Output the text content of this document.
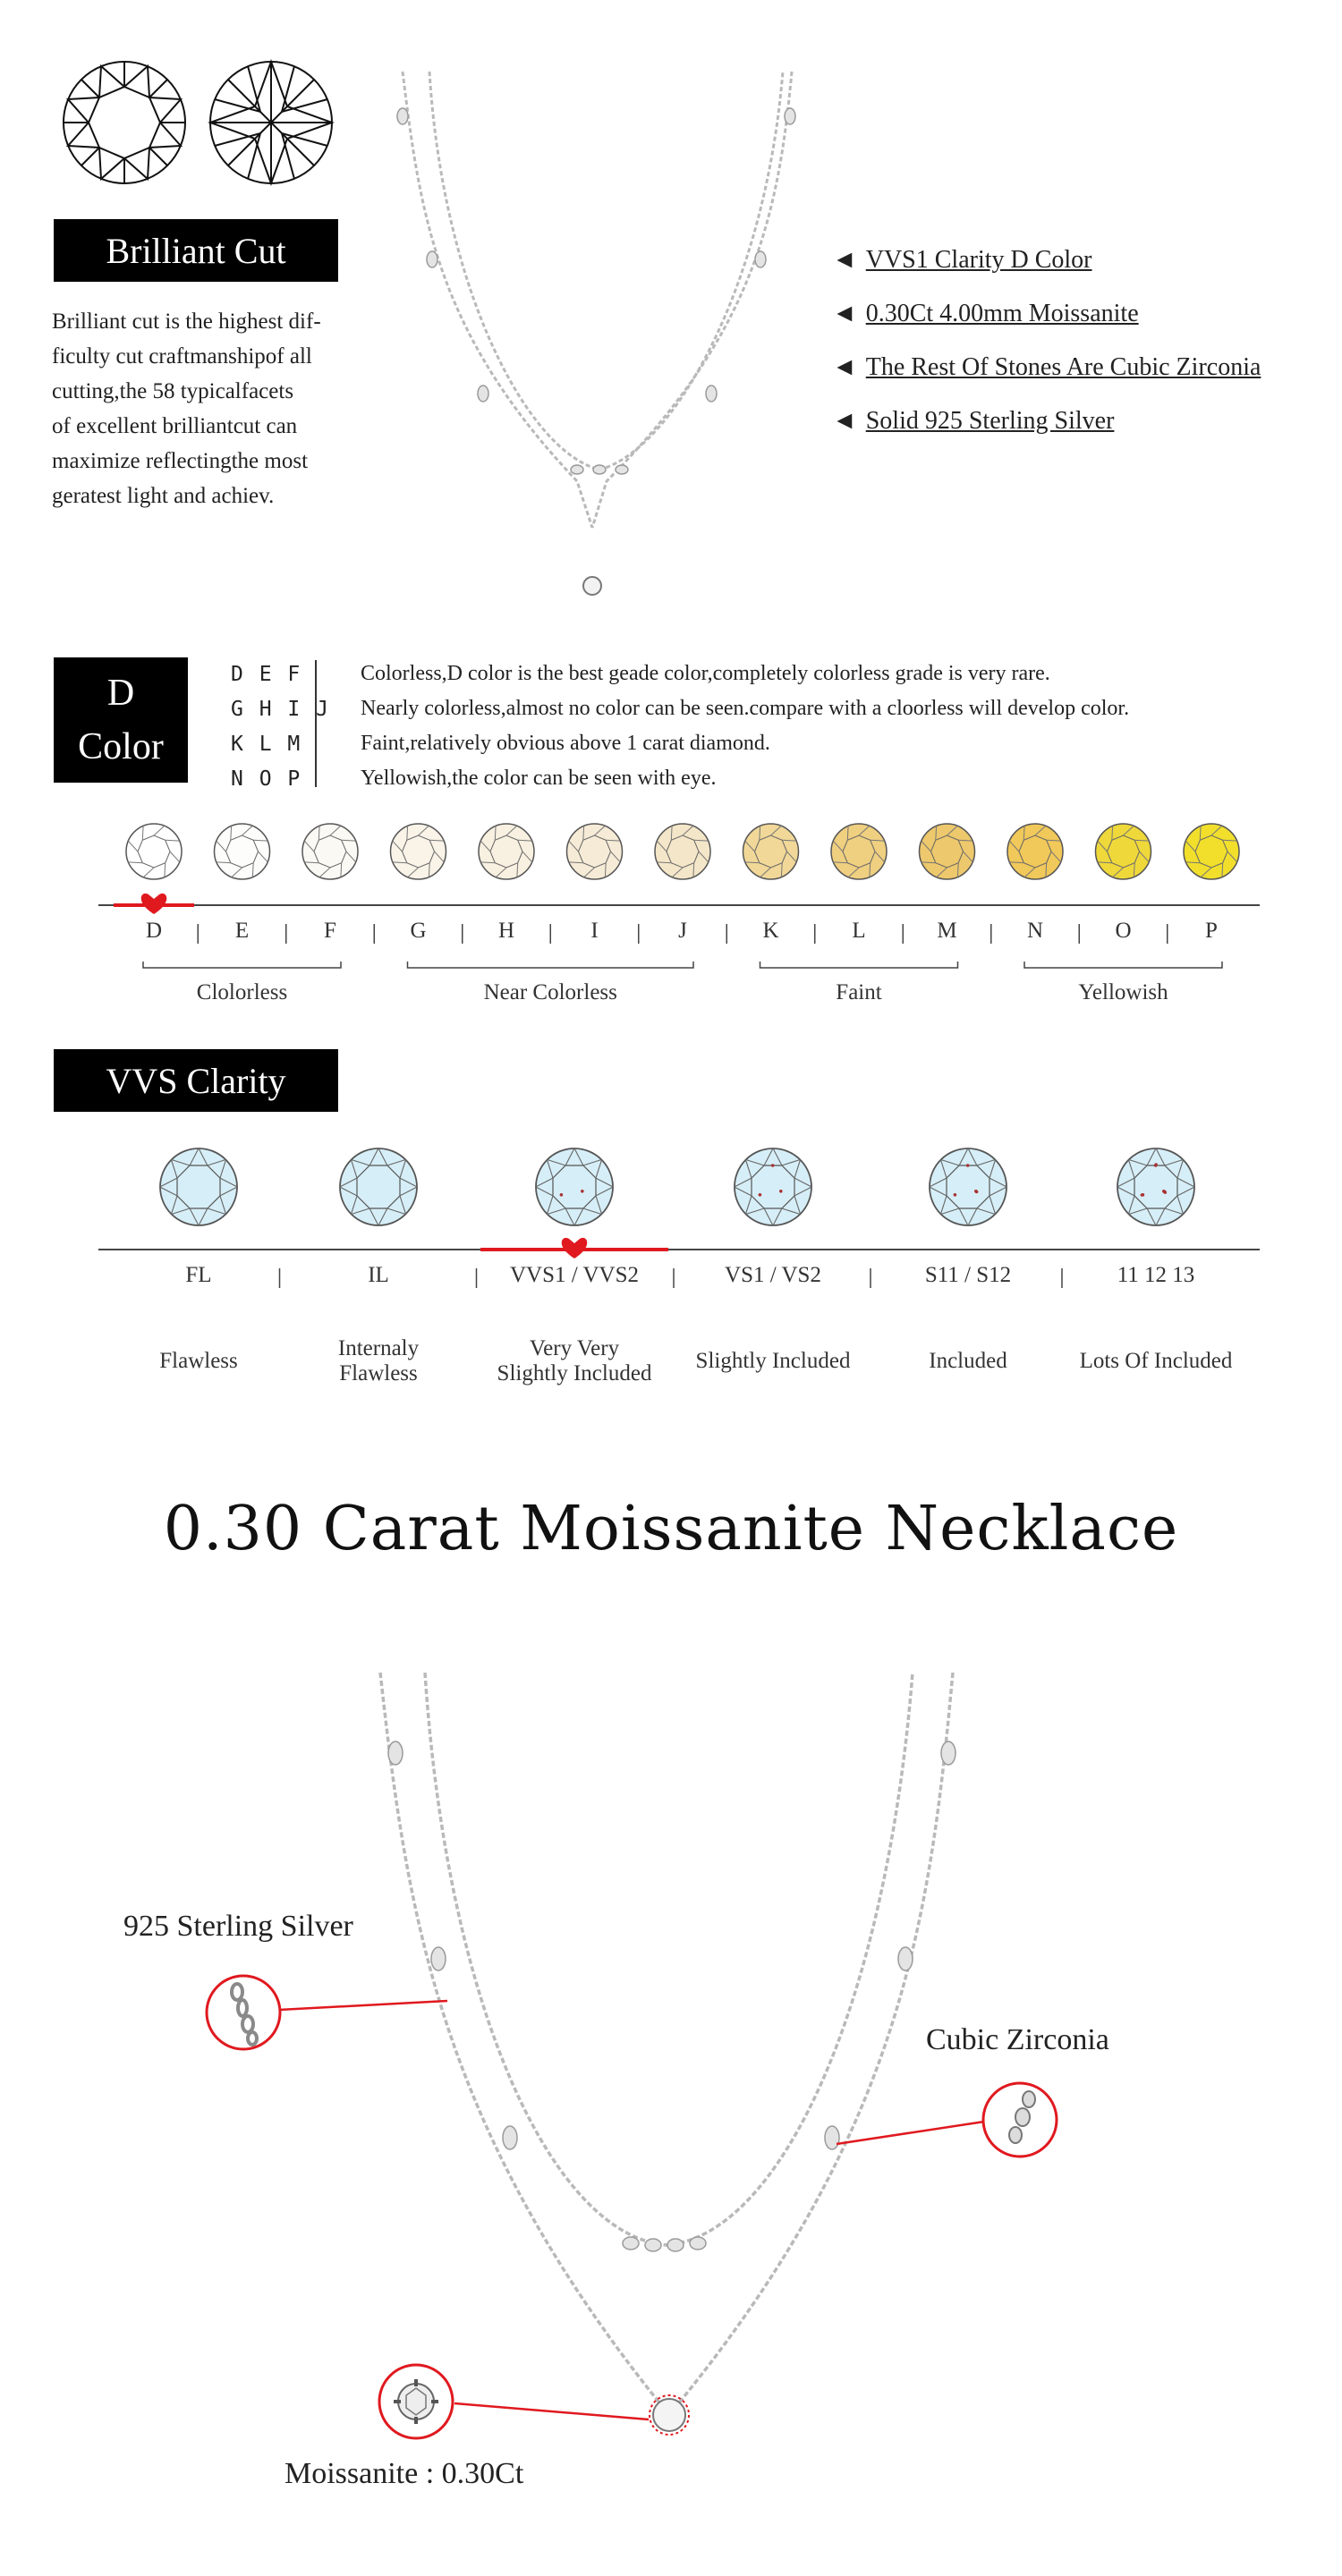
Brilliant Cut
Brilliant cut is the highest dif-
ficulty cut craftmanshipof all
cutting,the 58 typicalfacets
of excellent brilliantcut can
maximize reflectingthe most
geratest light and achiev.
◄ VVS1 Clarity D Color
◄ 0.30Ct 4.00mm Moissanite
◄ The Rest Of Stones Are Cubic Zirconia
◄ Solid 925 Sterling Silver
D
Color
D E F	Colorless,D color is the best geade color,completely colorless grade is very rare.
G H I J	Nearly colorless,almost no color can be seen.compare with a cloorless will develop color.
K L M	Faint,relatively obvious above 1 carat diamond.
N O P	Yellowish,the color can be seen with eye.
Clolorless	Near Colorless	Faint	Yellowish
D	E	F	G	H	I	J	K	L	M	N	O	P
VVS Clarity
FL
Flawless
IL
Internaly
Flawless
VVS1 / VVS2
Very Very
Slightly Included
VS1 / VS2
Slightly Included
S11 / S12
Included
11 12 13
Lots Of Included
0.30 Carat Moissanite Necklace
925 Sterling Silver
Cubic Zirconia
Moissanite : 0.30Ct
